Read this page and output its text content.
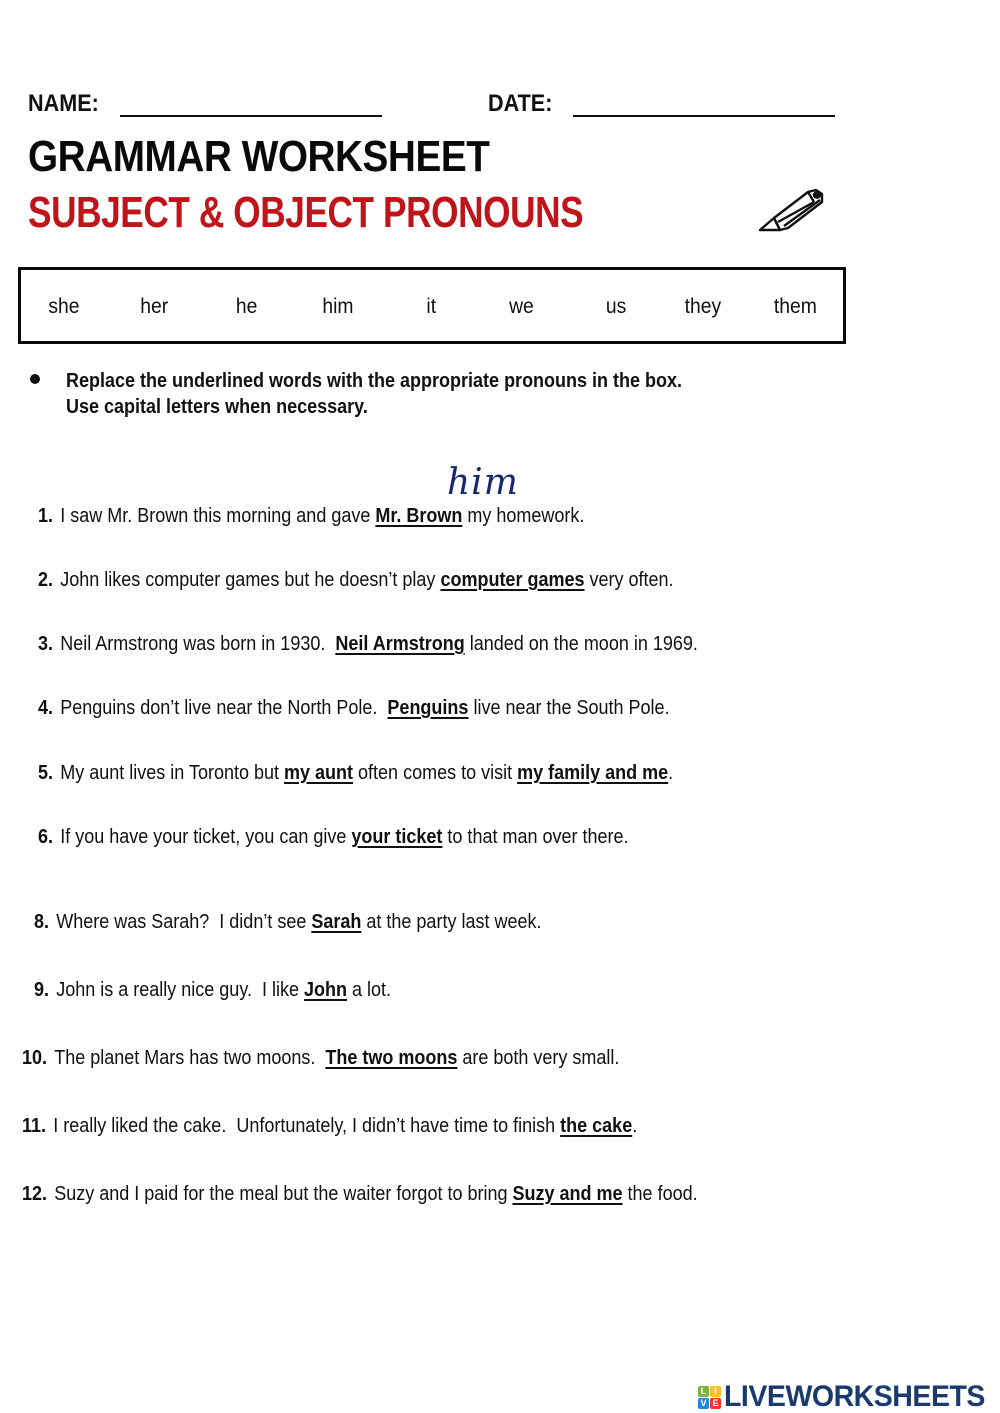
NAME:	DATE:
GRAMMAR WORKSHEET
SUBJECT & OBJECT PRONOUNS
she	her	he	him	it	we	us	they	them
Replace the underlined words with the appropriate pronouns in the box.
Use capital letters when necessary.
him
1. I saw Mr. Brown this morning and gave Mr. Brown my homework.
2. John likes computer games but he doesn’t play computer games very often.
3. Neil Armstrong was born in 1930.  Neil Armstrong landed on the moon in 1969.
4. Penguins don’t live near the North Pole.  Penguins live near the South Pole.
5. My aunt lives in Toronto but my aunt often comes to visit my family and me.
6. If you have your ticket, you can give your ticket to that man over there.
8. Where was Sarah?  I didn’t see Sarah at the party last week.
9. John is a really nice guy.  I like John a lot.
10. The planet Mars has two moons.  The two moons are both very small.
11. I really liked the cake.  Unfortunately, I didn’t have time to finish the cake.
12. Suzy and I paid for the meal but the waiter forgot to bring Suzy and me the food.
L I
V E LIVEWORKSHEETS
